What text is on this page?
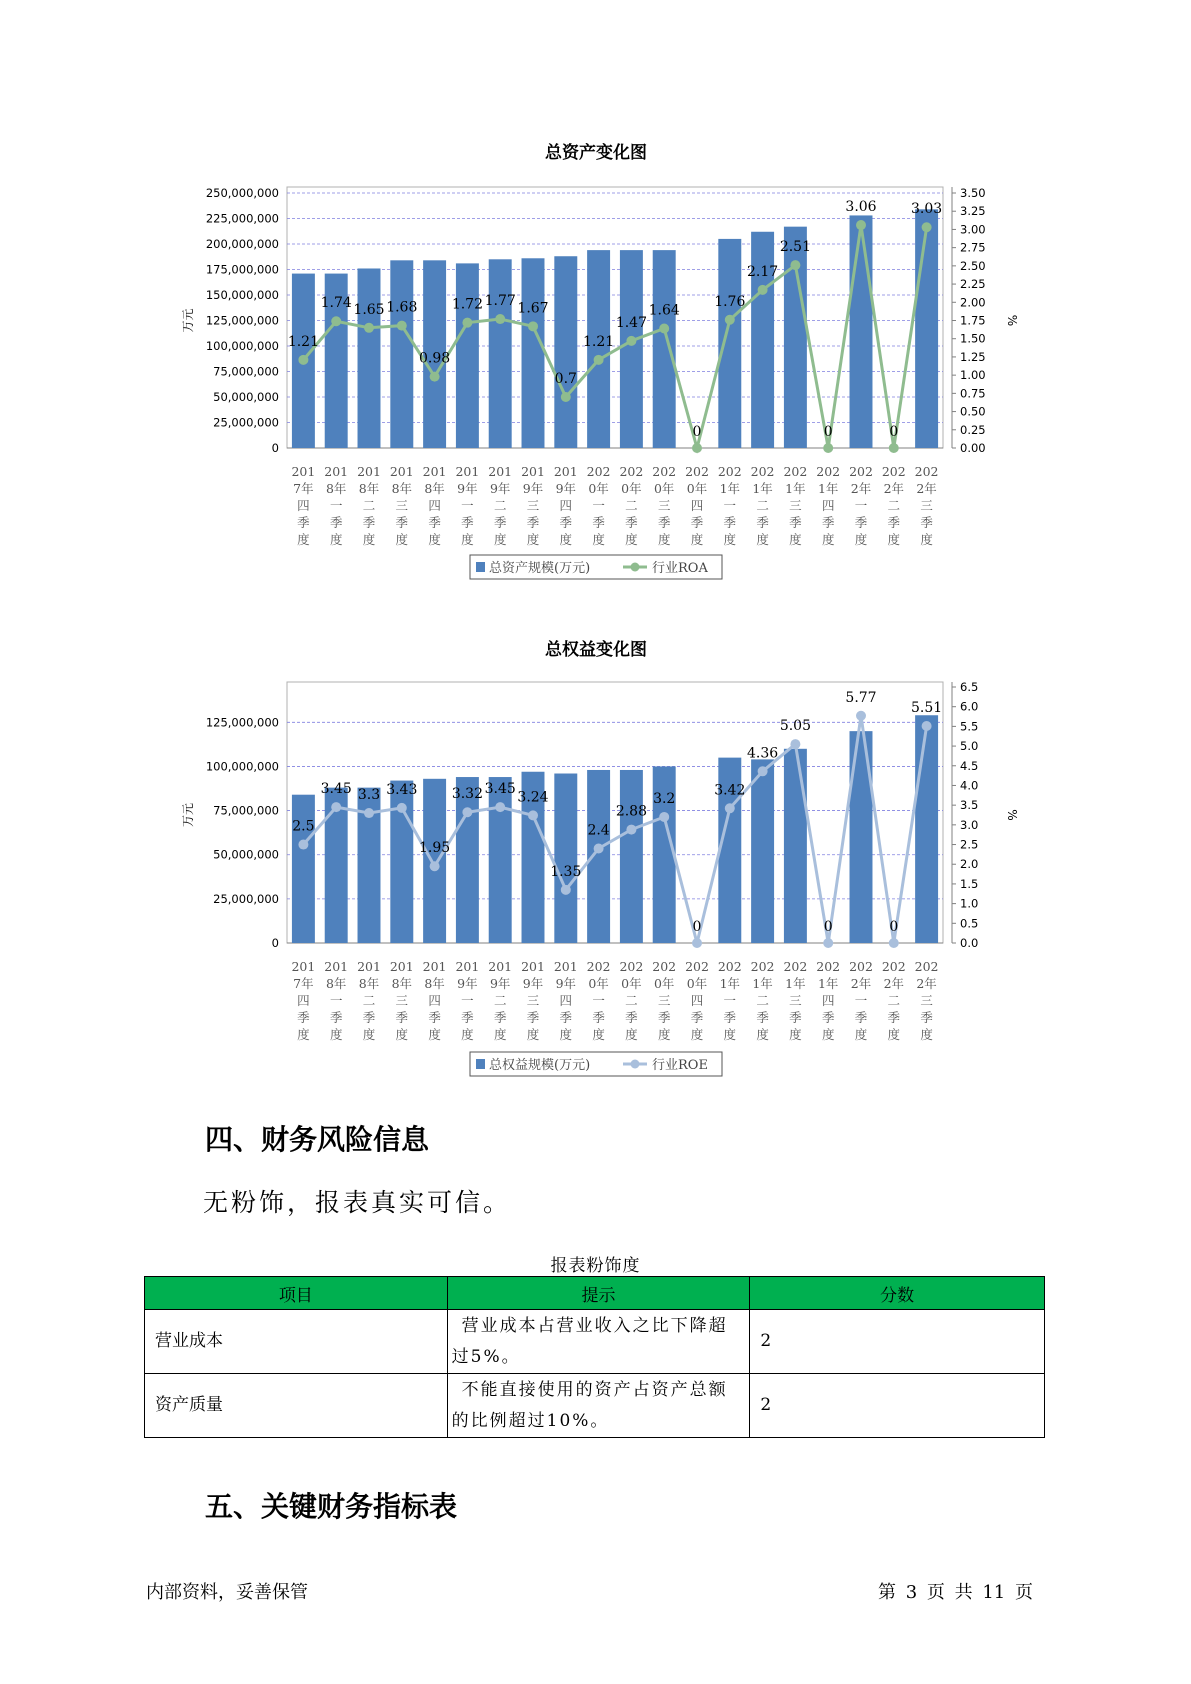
总资产变化图
0
25,000,000
50,000,000
75,000,000
100,000,000
125,000,000
150,000,000
175,000,000
200,000,000
225,000,000
250,000,000
0.00
0.25
0.50
0.75
1.00
1.25
1.50
1.75
2.00
2.25
2.50
2.75
3.00
3.25
3.50
万元	%
201 7年四季度
201 8年一季度
201 8年二季度
201 8年三季度
201 8年四季度
201 9年一季度
201 9年二季度
201 9年三季度
201 9年四季度
202 0年一季度
202 0年二季度
202 0年三季度
202 0年四季度
202 1年一季度
202 1年二季度
202 1年三季度
202 1年四季度
202 2年一季度
202 2年二季度
202 2年三季度
1.21
1.74 1.65 1.68
0.98
1.72 1.77 1.67
0.7
1.21
1.47
1.64
0
1.76
2.17
2.51
0
3.06
0
3.03
总资产规模(万元)	行业ROA
总权益变化图
0
25,000,000
50,000,000
75,000,000
100,000,000
125,000,000
0.0
0.5
1.0
1.5
2.0
2.5
3.0
3.5
4.0
4.5
5.0
5.5
6.0
6.5
万元	%
201 7年四季度
201 8年一季度
201 8年二季度
201 8年三季度
201 8年四季度
201 9年一季度
201 9年二季度
201 9年三季度
201 9年四季度
202 0年一季度
202 0年二季度
202 0年三季度
202 0年四季度
202 1年一季度
202 1年二季度
202 1年三季度
202 1年四季度
202 2年一季度
202 2年二季度
202 2年三季度
2.5
3.45 3.3 3.43
1.95
3.32 3.45
3.24
1.35
2.4
2.88
3.2
0
3.42
4.36
5.05
0
5.77
0
5.51
总权益规模(万元)	行业ROE
四、财务风险信息

无粉饰，报表真实可信。

报表粉饰度
项目	提示	分数
营业成本	营业成本占营业收入之比下降超过5%。	2
资产质量	不能直接使用的资产占资产总额的比例超过10%。	2
五、关键财务指标表
内部资料，妥善保管	第 3 页 共 11 页
